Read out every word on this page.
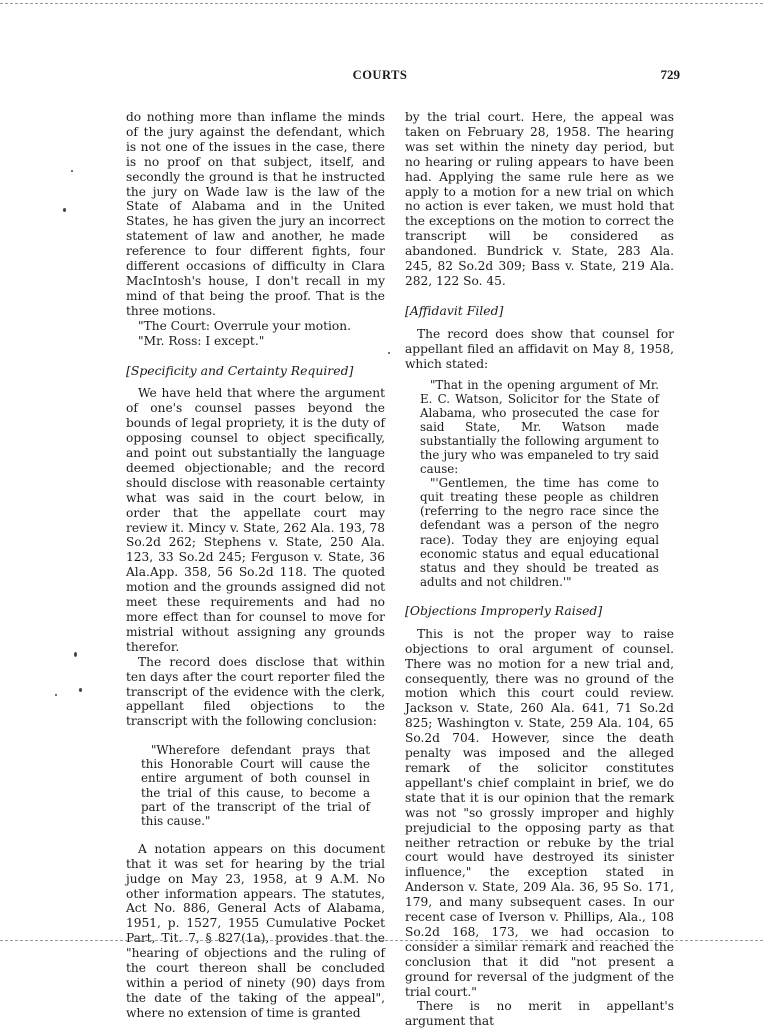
COURTS	729

do nothing more than inflame the minds of the jury against the defendant, which is not one of the issues in the case, there is no proof on that subject, itself, and secondly the ground is that he instructed the jury on Wade law is the law of the State of Alabama and in the United States, he has given the jury an incorrect statement of law and another, he made reference to four different fights, four different occasions of difficulty in Clara MacIntosh's house, I don't recall in my mind of that being the proof. That is the three motions.

"The Court: Overrule your motion.

"Mr. Ross: I except."

[Specificity and Certainty Required]

We have held that where the argument of one's counsel passes beyond the bounds of legal propriety, it is the duty of opposing counsel to object specifically, and point out substantially the language deemed objectionable; and the record should disclose with reasonable certainty what was said in the court below, in order that the appellate court may review it. Mincy v. State, 262 Ala. 193, 78 So.2d 262; Stephens v. State, 250 Ala. 123, 33 So.2d 245; Ferguson v. State, 36 Ala.App. 358, 56 So.2d 118. The quoted motion and the grounds assigned did not meet these requirements and had no more effect than for counsel to move for mistrial without assigning any grounds therefor.

The record does disclose that within ten days after the court reporter filed the transcript of the evidence with the clerk, appellant filed objections to the transcript with the following conclusion:

"Wherefore defendant prays that this Honorable Court will cause the entire argument of both counsel in the trial of this cause, to become a part of the transcript of the trial of this cause."

A notation appears on this document that it was set for hearing by the trial judge on May 23, 1958, at 9 A.M. No other information appears. The statutes, Act No. 886, General Acts of Alabama, 1951, p. 1527, 1955 Cumulative Pocket Part, Tit. 7, § 827(1a), provides that the "hearing of objections and the ruling of the court thereon shall be concluded within a period of ninety (90) days from the date of the taking of the appeal", where no extension of time is granted

by the trial court. Here, the appeal was taken on February 28, 1958. The hearing was set within the ninety day period, but no hearing or ruling appears to have been had. Applying the same rule here as we apply to a motion for a new trial on which no action is ever taken, we must hold that the exceptions on the motion to correct the transcript will be considered as abandoned. Bundrick v. State, 283 Ala. 245, 82 So.2d 309; Bass v. State, 219 Ala. 282, 122 So. 45.

[Affidavit Filed]

The record does show that counsel for appellant filed an affidavit on May 8, 1958, which stated:

"That in the opening argument of Mr. E. C. Watson, Solicitor for the State of Alabama, who prosecuted the case for said State, Mr. Watson made substantially the following argument to the jury who was empaneled to try said cause:

"'Gentlemen, the time has come to quit treating these people as children (referring to the negro race since the defendant was a person of the negro race). Today they are enjoying equal economic status and equal educational status and they should be treated as adults and not children.'"

[Objections Improperly Raised]

This is not the proper way to raise objections to oral argument of counsel. There was no motion for a new trial and, consequently, there was no ground of the motion which this court could review. Jackson v. State, 260 Ala. 641, 71 So.2d 825; Washington v. State, 259 Ala. 104, 65 So.2d 704. However, since the death penalty was imposed and the alleged remark of the solicitor constitutes appellant's chief complaint in brief, we do state that it is our opinion that the remark was not "so grossly improper and highly prejudicial to the opposing party as that neither retraction or rebuke by the trial court would have destroyed its sinister influence," the exception stated in Anderson v. State, 209 Ala. 36, 95 So. 171, 179, and many subsequent cases. In our recent case of Iverson v. Phillips, Ala., 108 So.2d 168, 173, we had occasion to consider a similar remark and reached the conclusion that it did "not present a ground for reversal of the judgment of the trial court."

There is no merit in appellant's argument that
